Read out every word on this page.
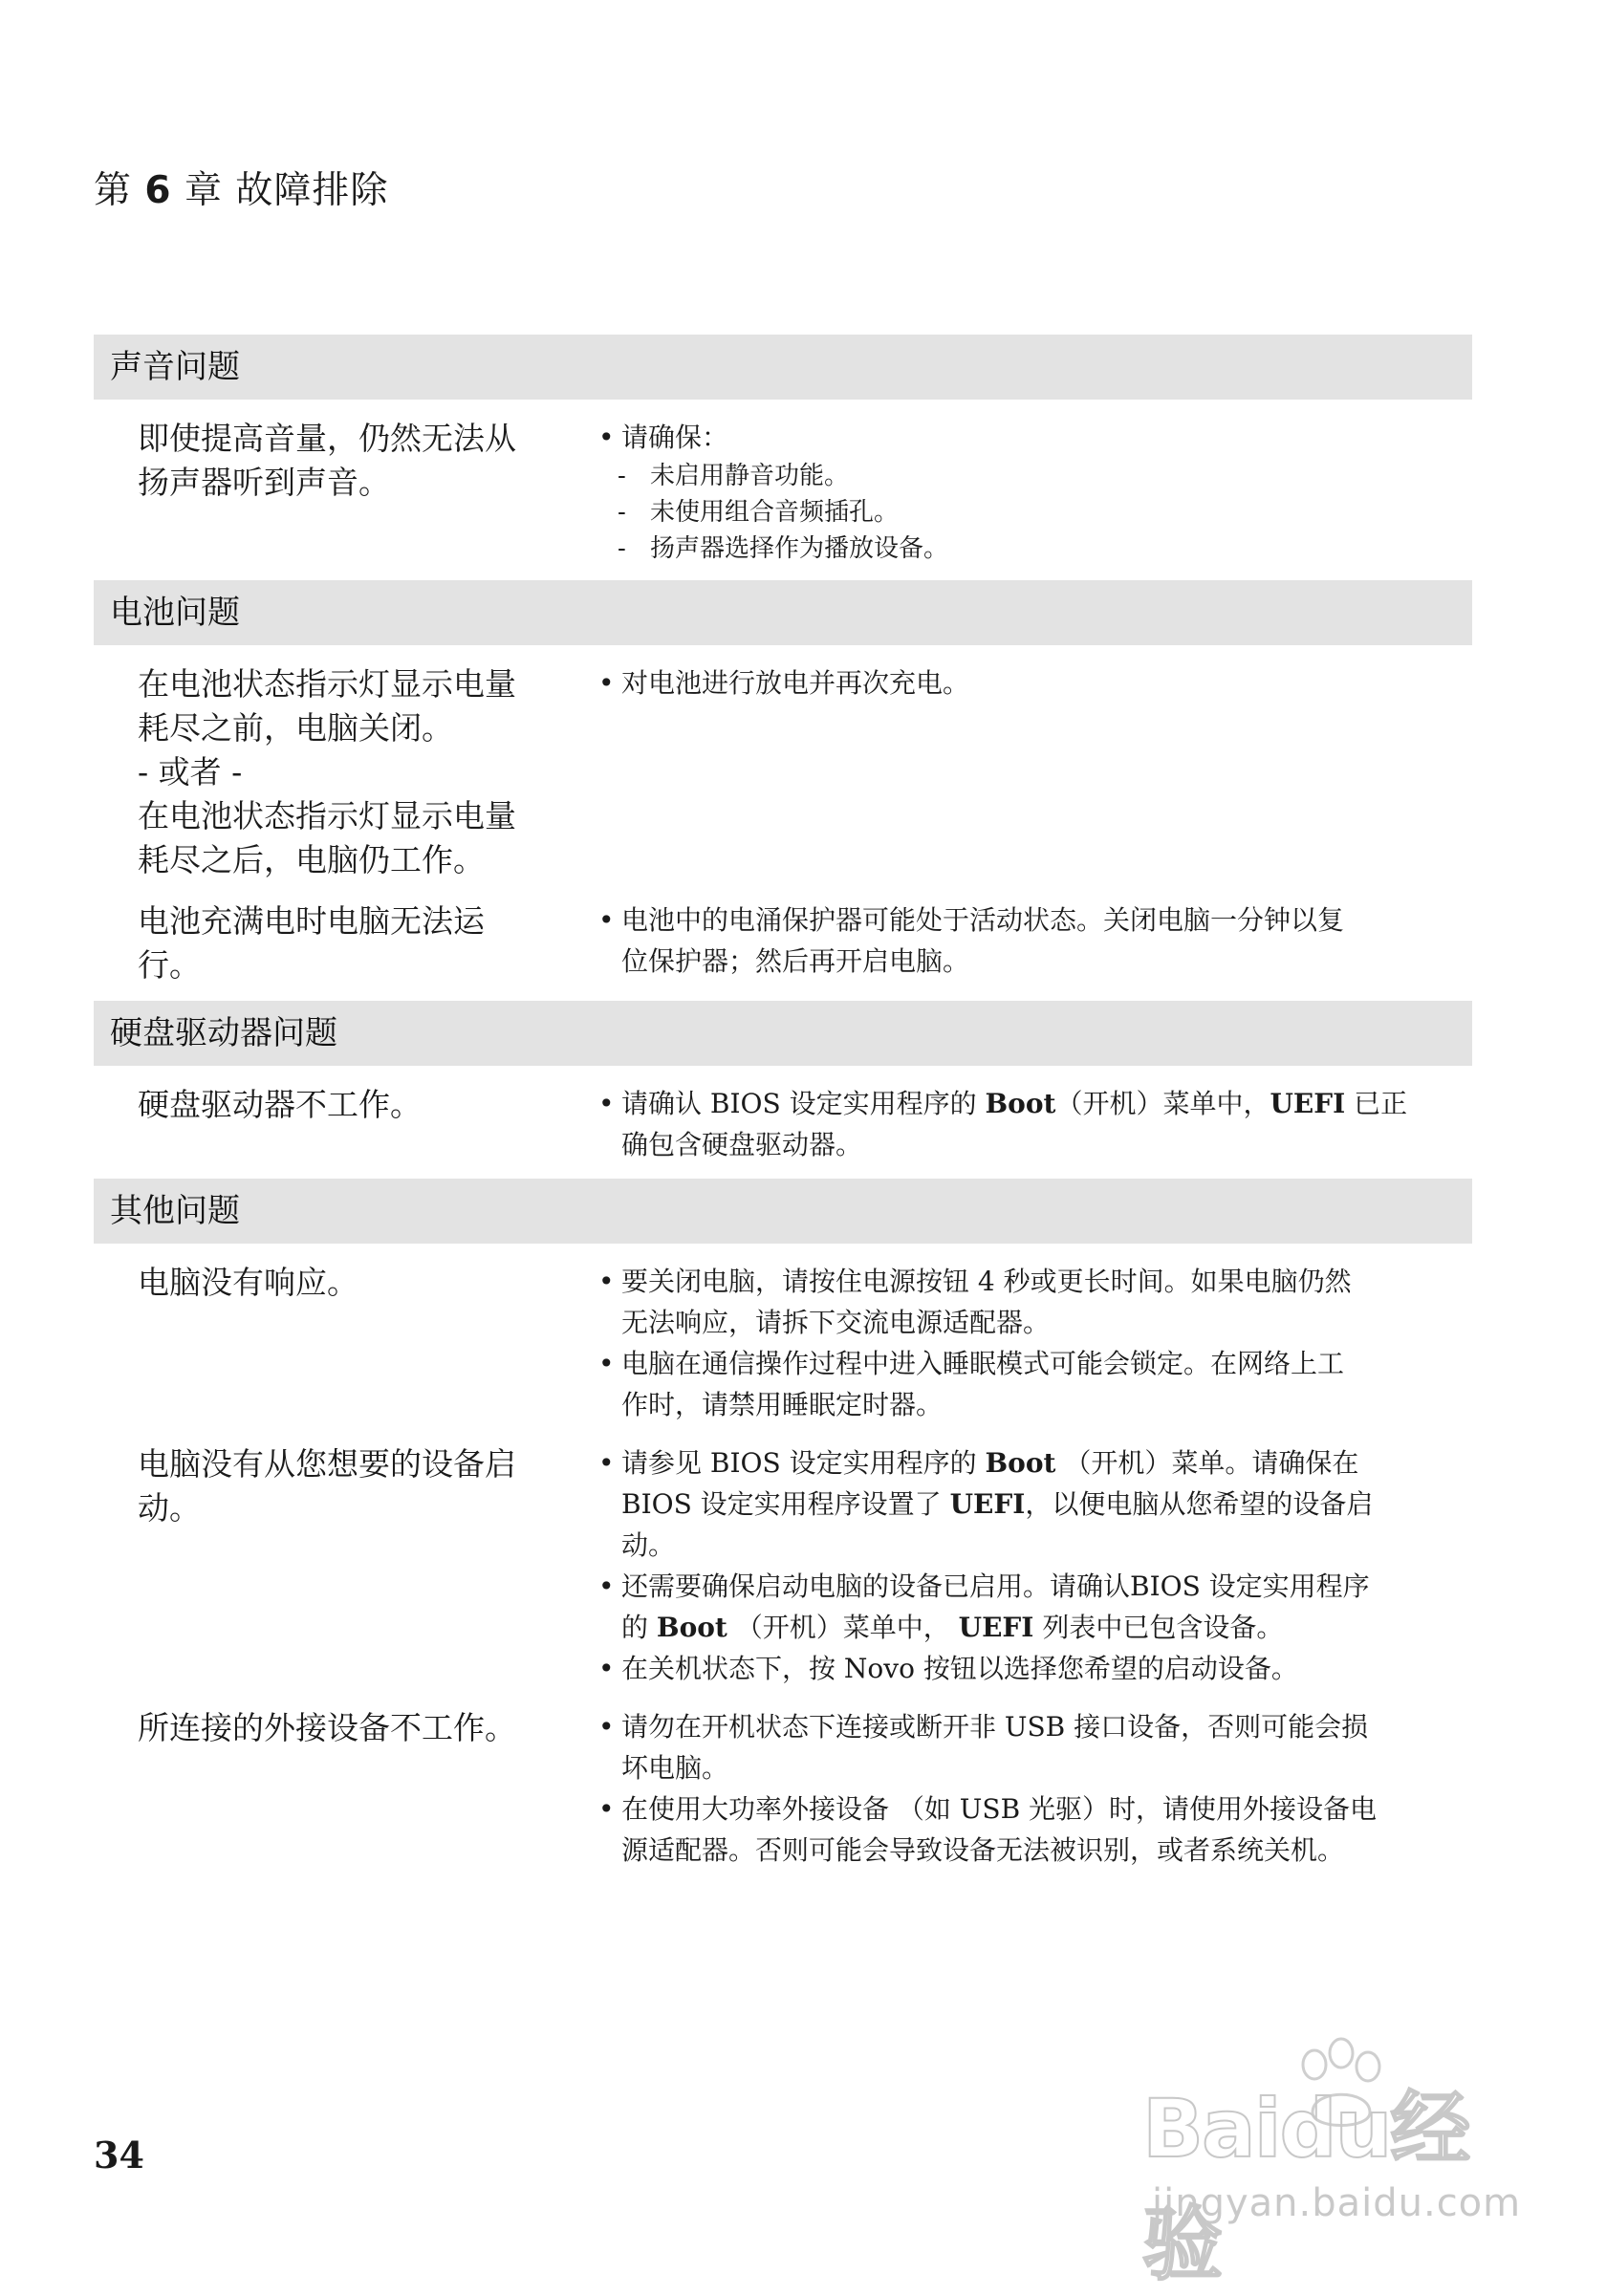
第 6 章 故障排除
声音问题
即使提高音量，仍然无法从
扬声器听到声音。
• 请确保：
- 未启用静音功能。
- 未使用组合音频插孔。
- 扬声器选择作为播放设备。
电池问题
在电池状态指示灯显示电量
耗尽之前，电脑关闭。
- 或者 -
在电池状态指示灯显示电量
耗尽之后，电脑仍工作。
• 对电池进行放电并再次充电。
电池充满电时电脑无法运
行。
• 电池中的电涌保护器可能处于活动状态。关闭电脑一分钟以复
位保护器；然后再开启电脑。
硬盘驱动器问题
硬盘驱动器不工作。	• 请确认 BIOS 设定实用程序的 Boot（开机）菜单中，UEFI 已正
确包含硬盘驱动器。
其他问题
电脑没有响应。	• 要关闭电脑，请按住电源按钮 4 秒或更长时间。如果电脑仍然
无法响应，请拆下交流电源适配器。
• 电脑在通信操作过程中进入睡眠模式可能会锁定。在网络上工
作时，请禁用睡眠定时器。
电脑没有从您想要的设备启
动。
• 请参见 BIOS 设定实用程序的 Boot （开机）菜单。请确保在
BIOS 设定实用程序设置了 UEFI，以便电脑从您希望的设备启
动。
• 还需要确保启动电脑的设备已启用。请确认BIOS 设定实用程序
的 Boot （开机）菜单中， UEFI 列表中已包含设备。
• 在关机状态下，按 Novo 按钮以选择您希望的启动设备。
所连接的外接设备不工作。	• 请勿在开机状态下连接或断开非 USB 接口设备，否则可能会损
坏电脑。
• 在使用大功率外接设备 （如 USB 光驱）时，请使用外接设备电
源适配器。否则可能会导致设备无法被识别，或者系统关机。
34	Baidu经验
jingyan.baidu.com
